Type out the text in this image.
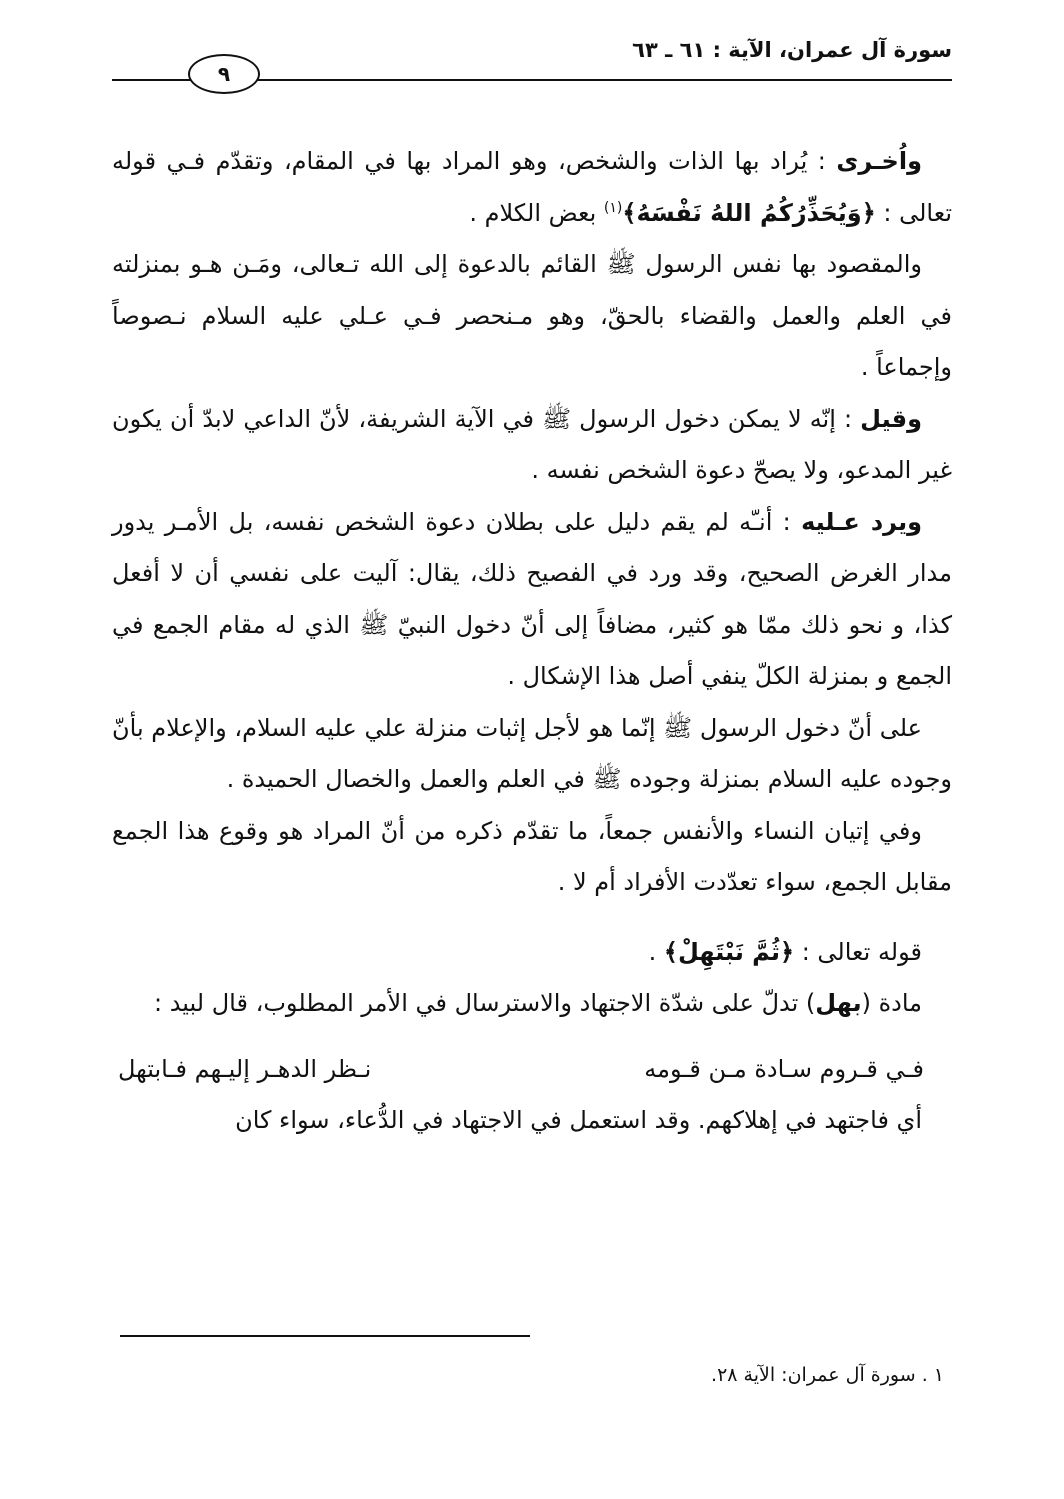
سورة آل عمران، الآية : ٦١ ـ ٦٣
٩

واُخـرى : يُراد بها الذات والشخص، وهو المراد بها في المقام، وتقدّم فـي قوله تعالى : ﴿وَيُحَذِّرُكُمُ اللهُ نَفْسَهُ﴾$^{(١)}$ بعض الكلام .

والمقصود بها نفس الرسول ﷺ القائم بالدعوة إلى الله تـعالى، ومَـن هـو بمنزلته في العلم والعمل والقضاء بالحقّ، وهو مـنحصر فـي عـلي عليه السلام نـصوصاً وإجماعاً .

وقيل : إنّه لا يمكن دخول الرسول ﷺ في الآية الشريفة، لأنّ الداعي لابدّ أن يكون غير المدعو، ولا يصحّ دعوة الشخص نفسه .

ويرد عـليه : أنـّه لم يقم دليل على بطلان دعوة الشخص نفسه، بل الأمـر يدور مدار الغرض الصحيح، وقد ورد في الفصيح ذلك، يقال: آليت على نفسي أن لا أفعل كذا، و نحو ذلك ممّا هو كثير، مضافاً إلى أنّ دخول النبيّ ﷺ الذي له مقام الجمع في الجمع و بمنزلة الكلّ ينفي أصل هذا الإشكال .

على أنّ دخول الرسول ﷺ إنّما هو لأجل إثبات منزلة علي عليه السلام، والإعلام بأنّ وجوده عليه السلام بمنزلة وجوده ﷺ في العلم والعمل والخصال الحميدة .

وفي إتيان النساء والأنفس جمعاً، ما تقدّم ذكره من أنّ المراد هو وقوع هذا الجمع مقابل الجمع، سواء تعدّدت الأفراد أم لا .

قوله تعالى : ﴿ثُمَّ نَبْتَهِلْ﴾ .

مادة (بهل) تدلّ على شدّة الاجتهاد والاسترسال في الأمر المطلوب، قال لبيد :

فـي قـروم سـادة مـن قـومه
نـظر الدهـر إليـهم فـابتهل

أي فاجتهد في إهلاكهم. وقد استعمل في الاجتهاد في الدُّعاء، سواء كان

١ . سورة آل عمران: الآية ٢٨.
